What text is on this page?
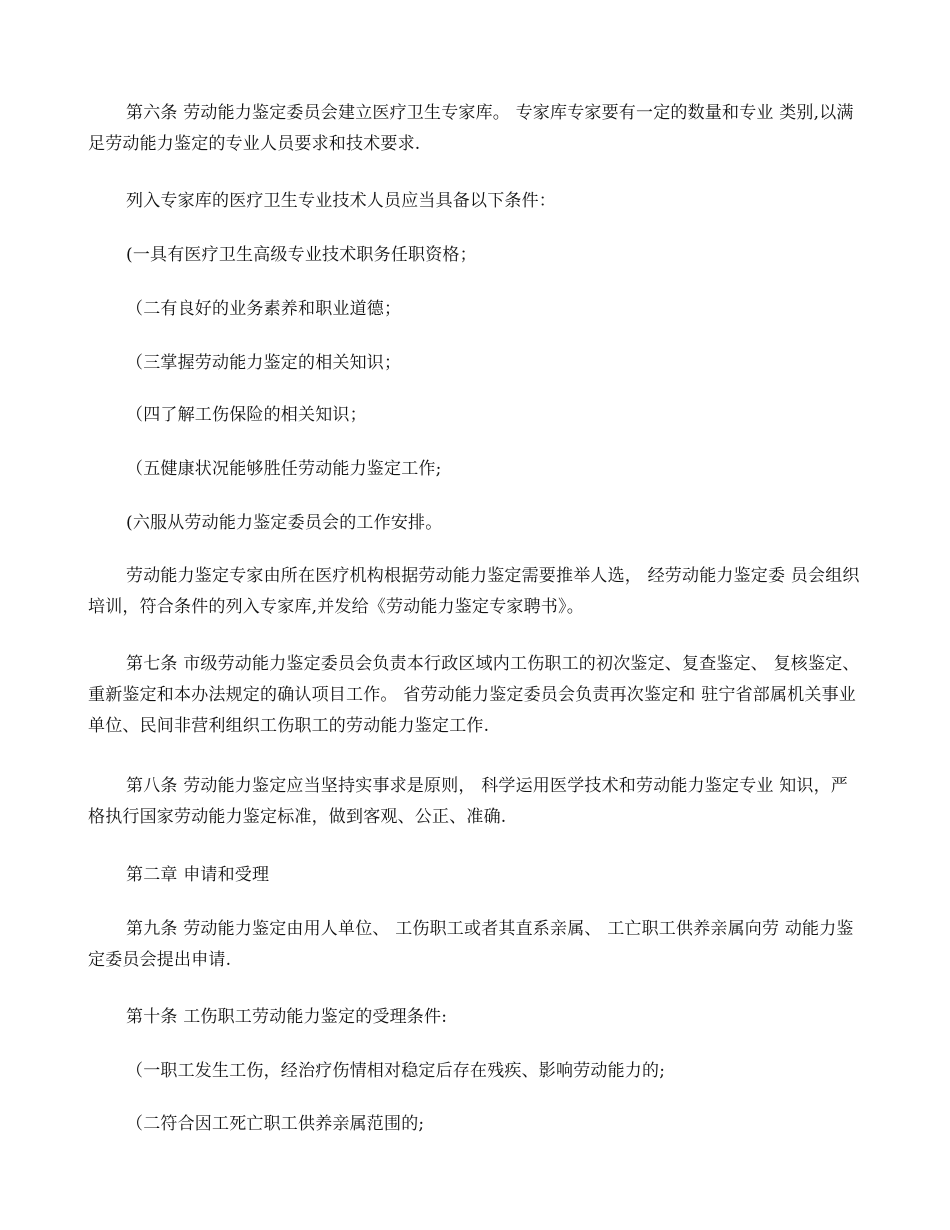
第六条 劳动能力鉴定委员会建立医疗卫生专家库。 专家库专家要有一定的数量和专业 类别,以满足劳动能力鉴定的专业人员要求和技术要求.

列入专家库的医疗卫生专业技术人员应当具备以下条件：

(一具有医疗卫生高级专业技术职务任职资格；

（二有良好的业务素养和职业道德；

（三掌握劳动能力鉴定的相关知识；

（四了解工伤保险的相关知识；

（五健康状况能够胜任劳动能力鉴定工作;

(六服从劳动能力鉴定委员会的工作安排。

劳动能力鉴定专家由所在医疗机构根据劳动能力鉴定需要推举人选， 经劳动能力鉴定委 员会组织培训，符合条件的列入专家库,并发给《劳动能力鉴定专家聘书》。

第七条 市级劳动能力鉴定委员会负责本行政区域内工伤职工的初次鉴定、复查鉴定、 复核鉴定、 重新鉴定和本办法规定的确认项目工作。 省劳动能力鉴定委员会负责再次鉴定和 驻宁省部属机关事业单位、民间非营利组织工伤职工的劳动能力鉴定工作.

第八条 劳动能力鉴定应当坚持实事求是原则， 科学运用医学技术和劳动能力鉴定专业 知识，严格执行国家劳动能力鉴定标准，做到客观、公正、准确.

第二章 申请和受理

第九条 劳动能力鉴定由用人单位、 工伤职工或者其直系亲属、 工亡职工供养亲属向劳 动能力鉴定委员会提出申请.

第十条 工伤职工劳动能力鉴定的受理条件:

（一职工发生工伤，经治疗伤情相对稳定后存在残疾、影响劳动能力的;

（二符合因工死亡职工供养亲属范围的;
